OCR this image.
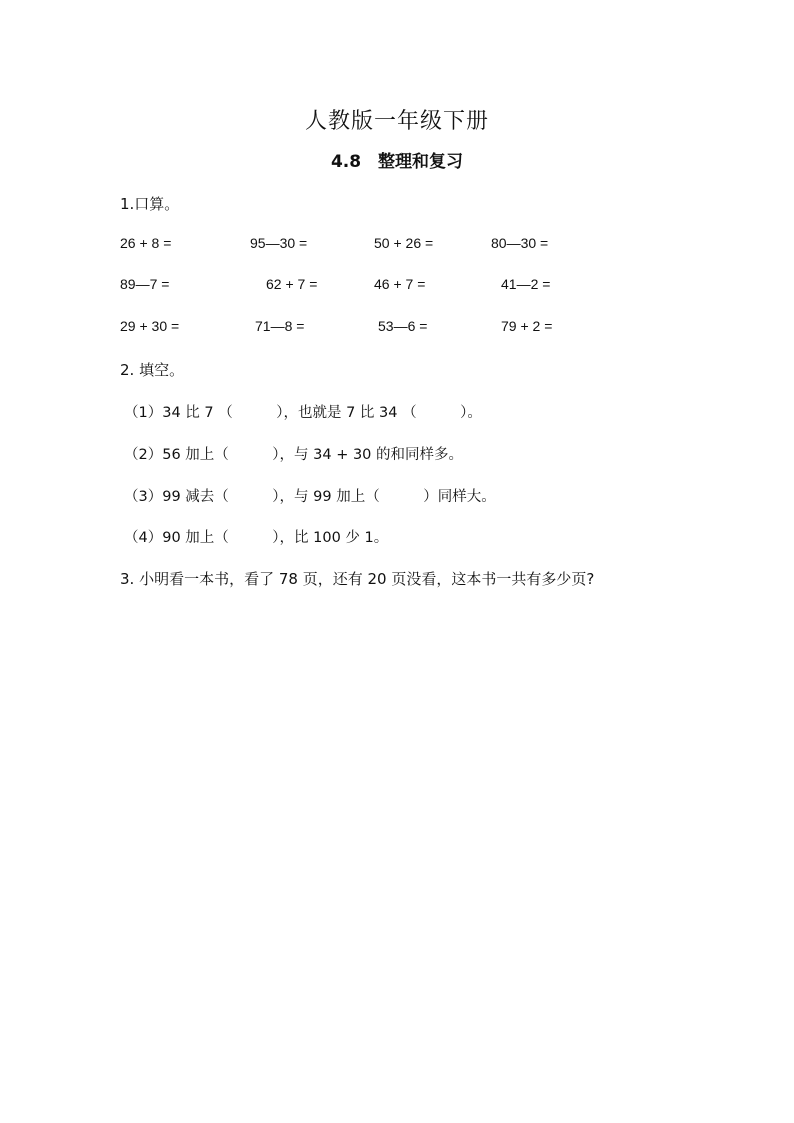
人教版一年级下册
4.8　整理和复习
1.口算。
26 + 8 =	95—30 =	50 + 26 =	80—30 =
89—7 =	62 + 7 =	46 + 7 =	41—2 =
29 + 30 =	71—8 =	53—6 =	79 + 2 =
2. 填空。
（1）34 比 7 （　　　），也就是 7 比 34 （　　　）。
（2）56 加上（　　　），与 34 + 30 的和同样多。
（3）99 减去（　　　），与 99 加上（　　　）同样大。
（4）90 加上（　　　），比 100 少 1。
3. 小明看一本书，看了 78 页，还有 20 页没看，这本书一共有多少页?
